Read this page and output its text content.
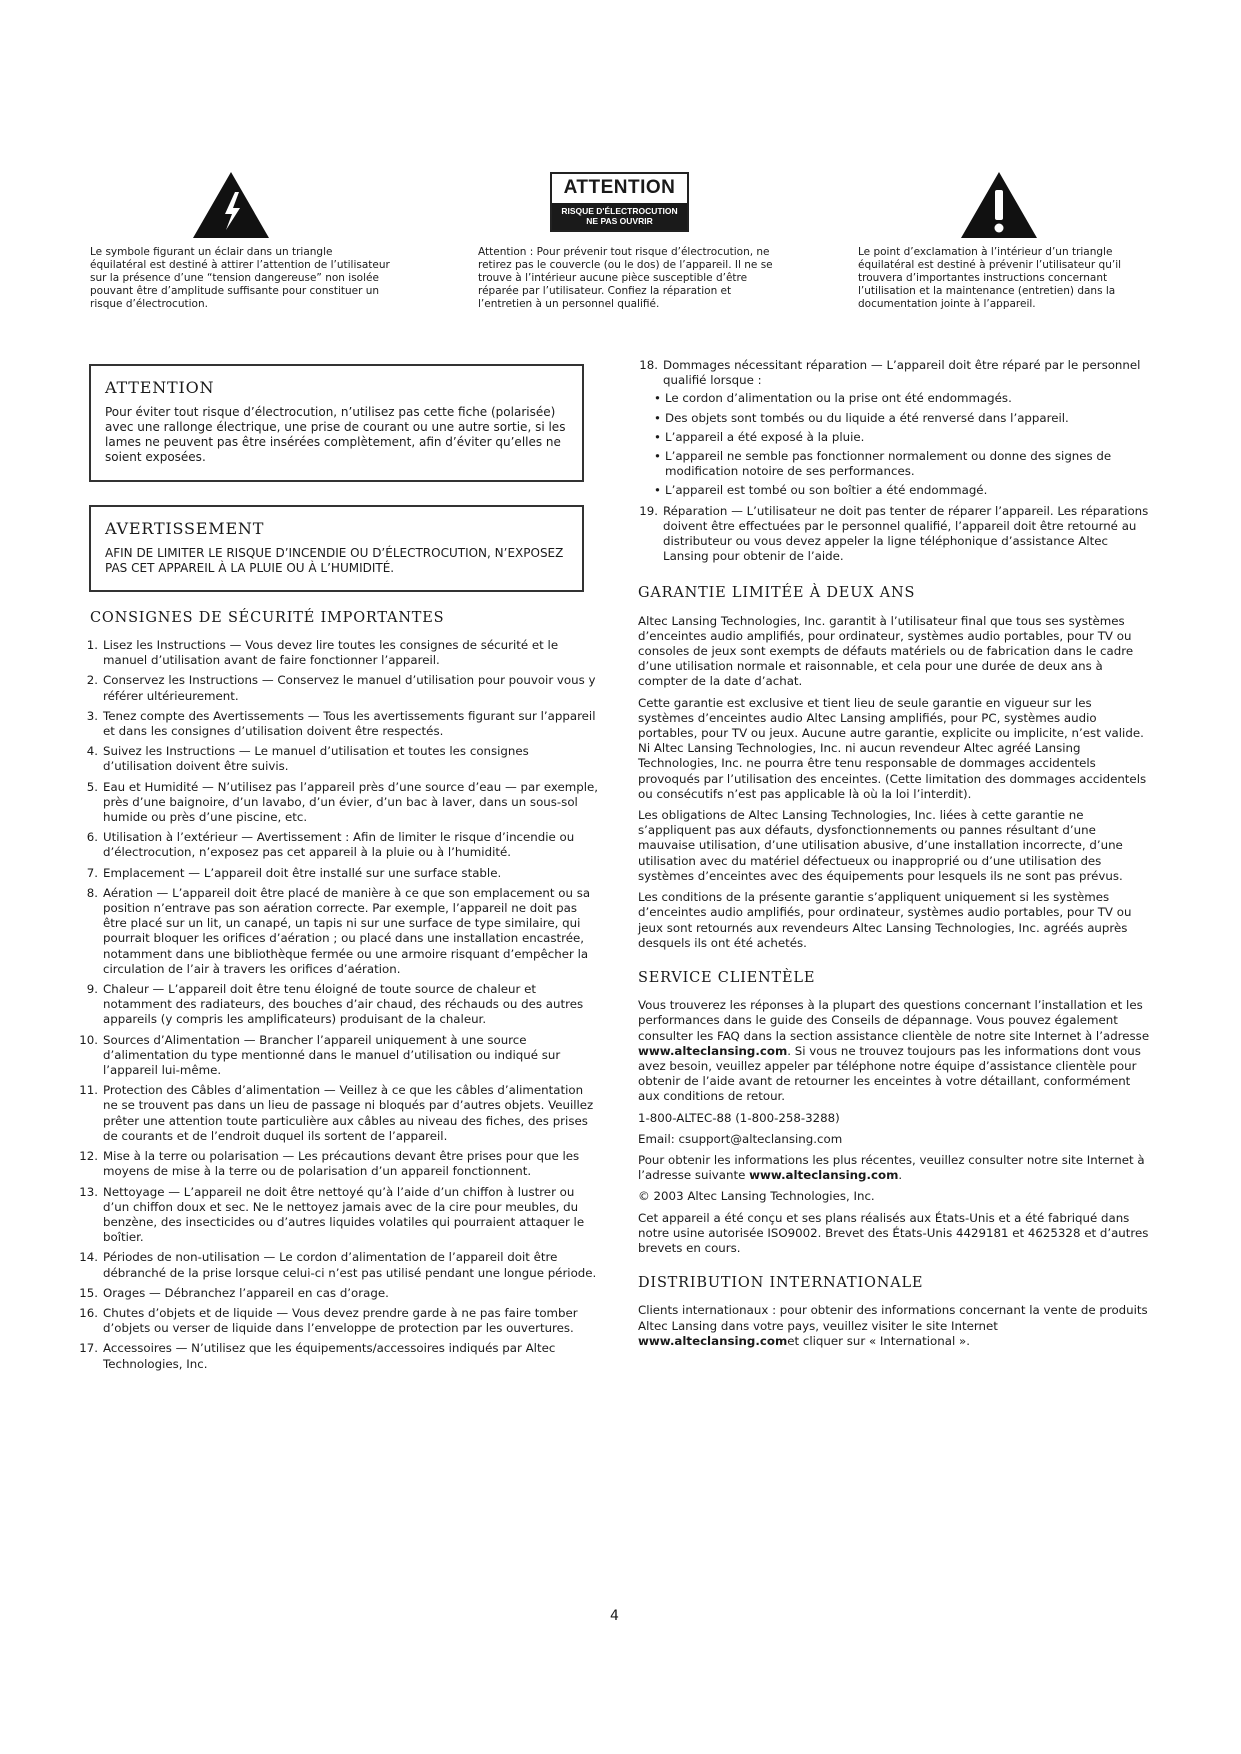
Le symbole figurant un éclair dans un triangle équilatéral est destiné à attirer l’attention de l’utilisateur sur la présence d’une “tension dangereuse” non isolée pouvant être d’amplitude suffisante pour constituer un risque d’électrocution.
ATTENTION
RISQUE D'ÉLECTROCUTION
NE PAS OUVRIR
Attention : Pour prévenir tout risque d’électrocution, ne retirez pas le couvercle (ou le dos) de l’appareil. Il ne se trouve à l’intérieur aucune pièce susceptible d’être réparée par l’utilisateur. Confiez la réparation et l’entretien à un personnel qualifié.
Le point d’exclamation à l’intérieur d’un triangle équilatéral est destiné à prévenir l’utilisateur qu’il trouvera d’importantes instructions concernant l’utilisation et la maintenance (entretien) dans la documentation jointe à l’appareil.
ATTENTION
Pour éviter tout risque d’électrocution, n’utilisez pas cette fiche (polarisée) avec une rallonge électrique, une prise de courant ou une autre sortie, si les lames ne peuvent pas être insérées complètement, afin d’éviter qu’elles ne soient exposées.
AVERTISSEMENT
AFIN DE LIMITER LE RISQUE D’INCENDIE OU D’ÉLECTROCUTION, N’EXPOSEZ PAS CET APPAREIL À LA PLUIE OU À L’HUMIDITÉ.
CONSIGNES DE SÉCURITÉ IMPORTANTES
1. Lisez les Instructions — Vous devez lire toutes les consignes de sécurité et le manuel d’utilisation avant de faire fonctionner l’appareil.
2. Conservez les Instructions — Conservez le manuel d’utilisation pour pouvoir vous y référer ultérieurement.
3. Tenez compte des Avertissements — Tous les avertissements figurant sur l’appareil et dans les consignes d’utilisation doivent être respectés.
4. Suivez les Instructions — Le manuel d’utilisation et toutes les consignes d’utilisation doivent être suivis.
5. Eau et Humidité — N’utilisez pas l’appareil près d’une source d’eau — par exemple, près d’une baignoire, d’un lavabo, d’un évier, d’un bac à laver, dans un sous-sol humide ou près d’une piscine, etc.
6. Utilisation à l’extérieur — Avertissement : Afin de limiter le risque d’incendie ou d’électrocution, n’exposez pas cet appareil à la pluie ou à l’humidité.
7. Emplacement — L’appareil doit être installé sur une surface stable.
8. Aération — L’appareil doit être placé de manière à ce que son emplacement ou sa position n’entrave pas son aération correcte. Par exemple, l’appareil ne doit pas être placé sur un lit, un canapé, un tapis ni sur une surface de type similaire, qui pourrait bloquer les orifices d’aération ; ou placé dans une installation encastrée, notamment dans une bibliothèque fermée ou une armoire risquant d’empêcher la circulation de l’air à travers les orifices d’aération.
9. Chaleur — L’appareil doit être tenu éloigné de toute source de chaleur et notamment des radiateurs, des bouches d’air chaud, des réchauds ou des autres appareils (y compris les amplificateurs) produisant de la chaleur.
10. Sources d’Alimentation — Brancher l’appareil uniquement à une source d’alimentation du type mentionné dans le manuel d’utilisation ou indiqué sur l’appareil lui-même.
11. Protection des Câbles d’alimentation — Veillez à ce que les câbles d’alimentation ne se trouvent pas dans un lieu de passage ni bloqués par d’autres objets. Veuillez prêter une attention toute particulière aux câbles au niveau des fiches, des prises de courants et de l’endroit duquel ils sortent de l’appareil.
12. Mise à la terre ou polarisation — Les précautions devant être prises pour que les moyens de mise à la terre ou de polarisation d’un appareil fonctionnent.
13. Nettoyage — L’appareil ne doit être nettoyé qu’à l’aide d’un chiffon à lustrer ou d’un chiffon doux et sec. Ne le nettoyez jamais avec de la cire pour meubles, du benzène, des insecticides ou d’autres liquides volatiles qui pourraient attaquer le boîtier.
14. Périodes de non-utilisation — Le cordon d’alimentation de l’appareil doit être débranché de la prise lorsque celui-ci n’est pas utilisé pendant une longue période.
15. Orages — Débranchez l’appareil en cas d’orage.
16. Chutes d’objets et de liquide — Vous devez prendre garde à ne pas faire tomber d’objets ou verser de liquide dans l’enveloppe de protection par les ouvertures.
17. Accessoires — N’utilisez que les équipements/accessoires indiqués par Altec Technologies, Inc.
18. Dommages nécessitant réparation — L’appareil doit être réparé par le personnel qualifié lorsque :
• Le cordon d’alimentation ou la prise ont été endommagés.
• Des objets sont tombés ou du liquide a été renversé dans l’appareil.
• L’appareil a été exposé à la pluie.
• L’appareil ne semble pas fonctionner normalement ou donne des signes de modification notoire de ses performances.
• L’appareil est tombé ou son boîtier a été endommagé.
19. Réparation — L’utilisateur ne doit pas tenter de réparer l’appareil. Les réparations doivent être effectuées par le personnel qualifié, l’appareil doit être retourné au distributeur ou vous devez appeler la ligne téléphonique d’assistance Altec Lansing pour obtenir de l’aide.
GARANTIE LIMITÉE À DEUX ANS

Altec Lansing Technologies, Inc. garantit à l’utilisateur final que tous ses systèmes d’enceintes audio amplifiés, pour ordinateur, systèmes audio portables, pour TV ou consoles de jeux sont exempts de défauts matériels ou de fabrication dans le cadre d’une utilisation normale et raisonnable, et cela pour une durée de deux ans à compter de la date d’achat.

Cette garantie est exclusive et tient lieu de seule garantie en vigueur sur les systèmes d’enceintes audio Altec Lansing amplifiés, pour PC, systèmes audio portables, pour TV ou jeux. Aucune autre garantie, explicite ou implicite, n’est valide. Ni Altec Lansing Technologies, Inc. ni aucun revendeur Altec agréé Lansing Technologies, Inc. ne pourra être tenu responsable de dommages accidentels provoqués par l’utilisation des enceintes. (Cette limitation des dommages accidentels ou consécutifs n’est pas applicable là où la loi l’interdit).

Les obligations de Altec Lansing Technologies, Inc. liées à cette garantie ne s’appliquent pas aux défauts, dysfonctionnements ou pannes résultant d’une mauvaise utilisation, d’une utilisation abusive, d’une installation incorrecte, d’une utilisation avec du matériel défectueux ou inapproprié ou d’une utilisation des systèmes d’enceintes avec des équipements pour lesquels ils ne sont pas prévus.

Les conditions de la présente garantie s’appliquent uniquement si les systèmes d’enceintes audio amplifiés, pour ordinateur, systèmes audio portables, pour TV ou jeux sont retournés aux revendeurs Altec Lansing Technologies, Inc. agréés auprès desquels ils ont été achetés.

SERVICE CLIENTÈLE

Vous trouverez les réponses à la plupart des questions concernant l’installation et les performances dans le guide des Conseils de dépannage. Vous pouvez également consulter les FAQ dans la section assistance clientèle de notre site Internet à l’adresse www.alteclansing.com. Si vous ne trouvez toujours pas les informations dont vous avez besoin, veuillez appeler par téléphone notre équipe d’assistance clientèle pour obtenir de l’aide avant de retourner les enceintes à votre détaillant, conformément aux conditions de retour.

1-800-ALTEC-88 (1-800-258-3288)

Email: csupport@alteclansing.com

Pour obtenir les informations les plus récentes, veuillez consulter notre site Internet à l’adresse suivante www.alteclansing.com.

© 2003 Altec Lansing Technologies, Inc.

Cet appareil a été conçu et ses plans réalisés aux États-Unis et a été fabriqué dans notre usine autorisée ISO9002. Brevet des États-Unis 4429181 et 4625328 et d’autres brevets en cours.

DISTRIBUTION INTERNATIONALE

Clients internationaux : pour obtenir des informations concernant la vente de produits Altec Lansing dans votre pays, veuillez visiter le site Internet www.alteclansing.comet cliquer sur « International ».

4
